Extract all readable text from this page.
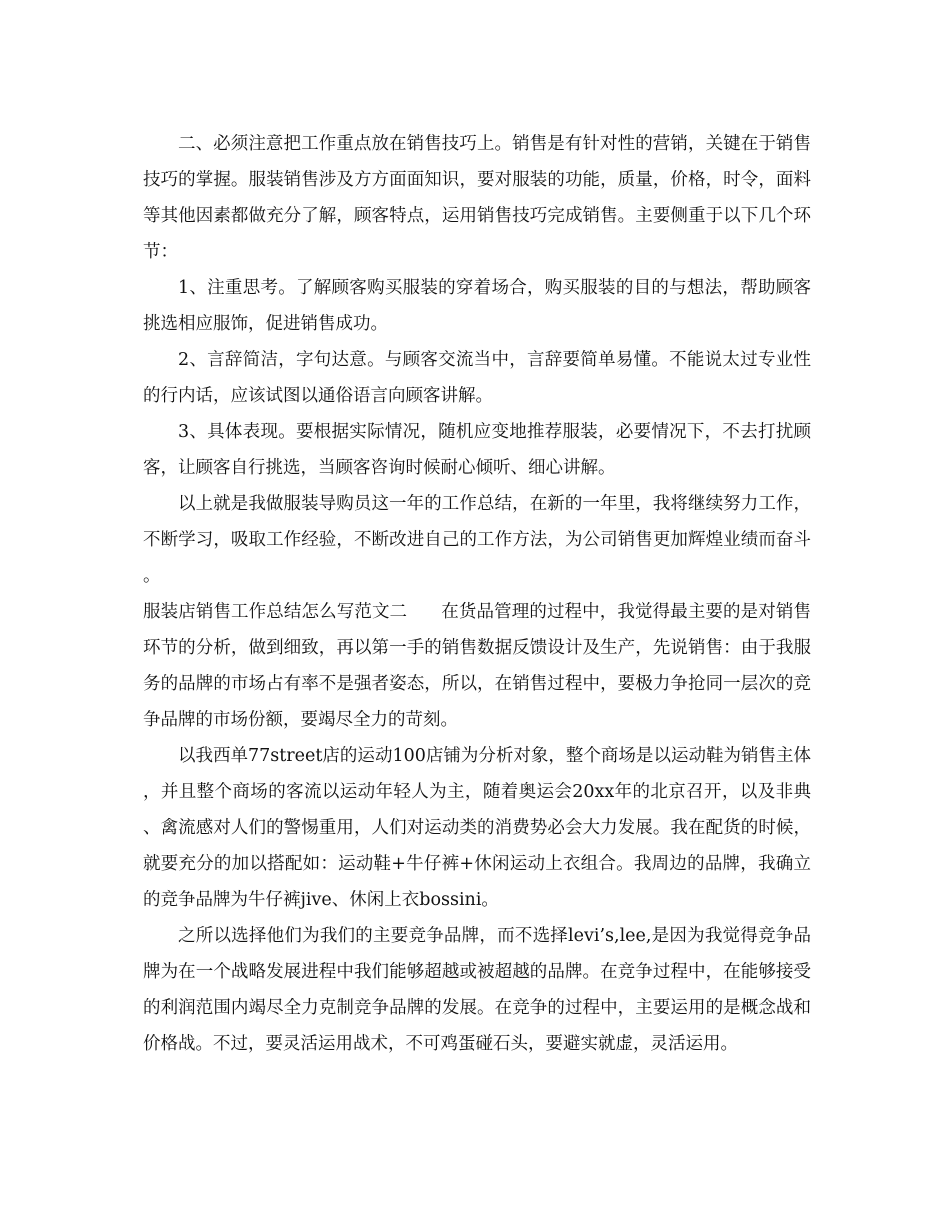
二、必须注意把工作重点放在销售技巧上。销售是有针对性的营销，关键在于销售技巧的掌握。服装销售涉及方方面面知识，要对服装的功能，质量，价格，时令，面料等其他因素都做充分了解，顾客特点，运用销售技巧完成销售。主要侧重于以下几个环节：

1、注重思考。了解顾客购买服装的穿着场合，购买服装的目的与想法，帮助顾客挑选相应服饰，促进销售成功。

2、言辞简洁，字句达意。与顾客交流当中，言辞要简单易懂。不能说太过专业性的行内话，应该试图以通俗语言向顾客讲解。

3、具体表现。要根据实际情况，随机应变地推荐服装，必要情况下，不去打扰顾客，让顾客自行挑选，当顾客咨询时候耐心倾听、细心讲解。

以上就是我做服装导购员这一年的工作总结，在新的一年里，我将继续努力工作，不断学习，吸取工作经验，不断改进自己的工作方法，为公司销售更加辉煌业绩而奋斗。

服装店销售工作总结怎么写范文二 在货品管理的过程中，我觉得最主要的是对销售环节的分析，做到细致，再以第一手的销售数据反馈设计及生产，先说销售：由于我服务的品牌的市场占有率不是强者姿态，所以，在销售过程中，要极力争抢同一层次的竞争品牌的市场份额，要竭尽全力的苛刻。

以我西单77street店的运动100店铺为分析对象，整个商场是以运动鞋为销售主体，并且整个商场的客流以运动年轻人为主，随着奥运会20xx年的北京召开，以及非典、禽流感对人们的警惕重用，人们对运动类的消费势必会大力发展。我在配货的时候，就要充分的加以搭配如：运动鞋+牛仔裤+休闲运动上衣组合。我周边的品牌，我确立的竞争品牌为牛仔裤jive、休闲上衣bossini。

之所以选择他们为我们的主要竞争品牌，而不选择levi’s,lee,是因为我觉得竞争品牌为在一个战略发展进程中我们能够超越或被超越的品牌。在竞争过程中，在能够接受的利润范围内竭尽全力克制竞争品牌的发展。在竞争的过程中，主要运用的是概念战和价格战。不过，要灵活运用战术，不可鸡蛋碰石头，要避实就虚，灵活运用。
